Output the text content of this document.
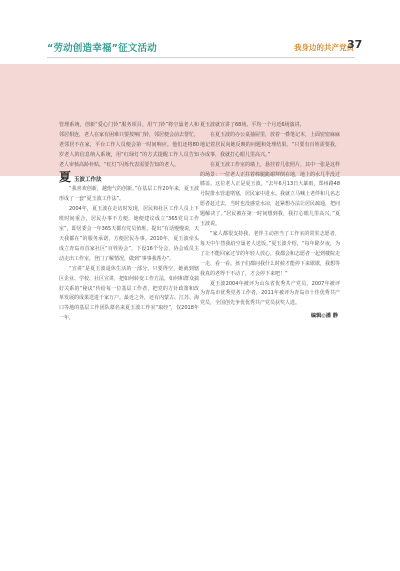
“劳动创造幸福”征文活动	我身边的共产党员
37

管理系统，创新“爱心门铃”服务项目，用“门铃”将空巢老人和邻居相连，老人在家有困难只要按响门铃，邻居便会前去帮忙，老邻居不在家，平台工作人员便会第一时间响应。他们还将80岁老人的信息纳入系统，用“红绿灯”的方式提醒工作人员告知老人审核高龄补贴，“红灯”闪烁代表需要告知的老人。

夏 玉波工作法

“我喜欢创新，越炮气的创新。”在基层工作20年来，夏玉波形成了一套“夏玉波工作法”。

2004年，夏玉波在走访时发现，居民和社区工作人员上下班时间重合，居民办事不方便。她便建议成立“365党员工作室”，即居委会一年365天都有党员值班，提出“有话慢慢说，天天我都在”的服务承诺，方便居民办事。2010年，夏玉波牵头成立青岛市首家社区“百姓协会”，下设16个分会，协会成员主动走出工作室，登门了解情况，做到“事事我帮办”。

“宣讲”是夏玉波退休生活的一部分，只要得空，她就到辖区企业、学校、社区宣讲，把如何转变工作方法，如何和群众搞好关系的“秘诀”传给每一位基层工作者，把党的方针政策和改革发展的成果送进千家万户。最近之外，还有内蒙古、江苏、海口等地的基层工作团队慕名来夏玉波工作室“取经”，仅2018年一年，

夏玉波就宣讲了68场，平均一个月近6场演讲。

在夏玉波的办公桌抽屉里，放着一叠笔记本，上面密密麻麻地记着居民向她反映的问题和处理结果。“只要有百姓需要我，办成事，我就打心眼儿里高兴。”

在夏玉波工作室的墙上，悬挂着几张照片，其中一张是这样的场景：一位老人正拄着棒腿跪谢拜倒在地，地上的水几乎没过膝盖。这位老人正是夏玉波。“去年6月13日大暴雨，郑州路48号院排水管道堵塞，居民家中进水。我就立马喊上老伴和几名志愿者赶过去，当时也没感觉水凉，赶紧想办法让居民疏通，把问题解决了。”居民被在第一时间想到我，我打心眼儿里高兴。”夏玉波说。

“家人都很支持我。老伴主动担当了工作室的常驻志愿者，每天中午替我给空巢老人送饭。”夏玉波介绍，“每年除夕夜，为了让不能回家过节的年轻人放心，我都会和志愿者一起到楼院走一走、看一看。孩子们都问我什么时候才能停下来歇歇，我想等我真的老得干不动了，才会停下来吧！”

夏玉波2004年被评为山东省优秀共产党员，2007年被评为青岛市优秀党务工作者，2011年被评为青岛市十佳优秀共产党员，全国创先争优优秀共产党员获奖人选。

编辑◎潘 静
